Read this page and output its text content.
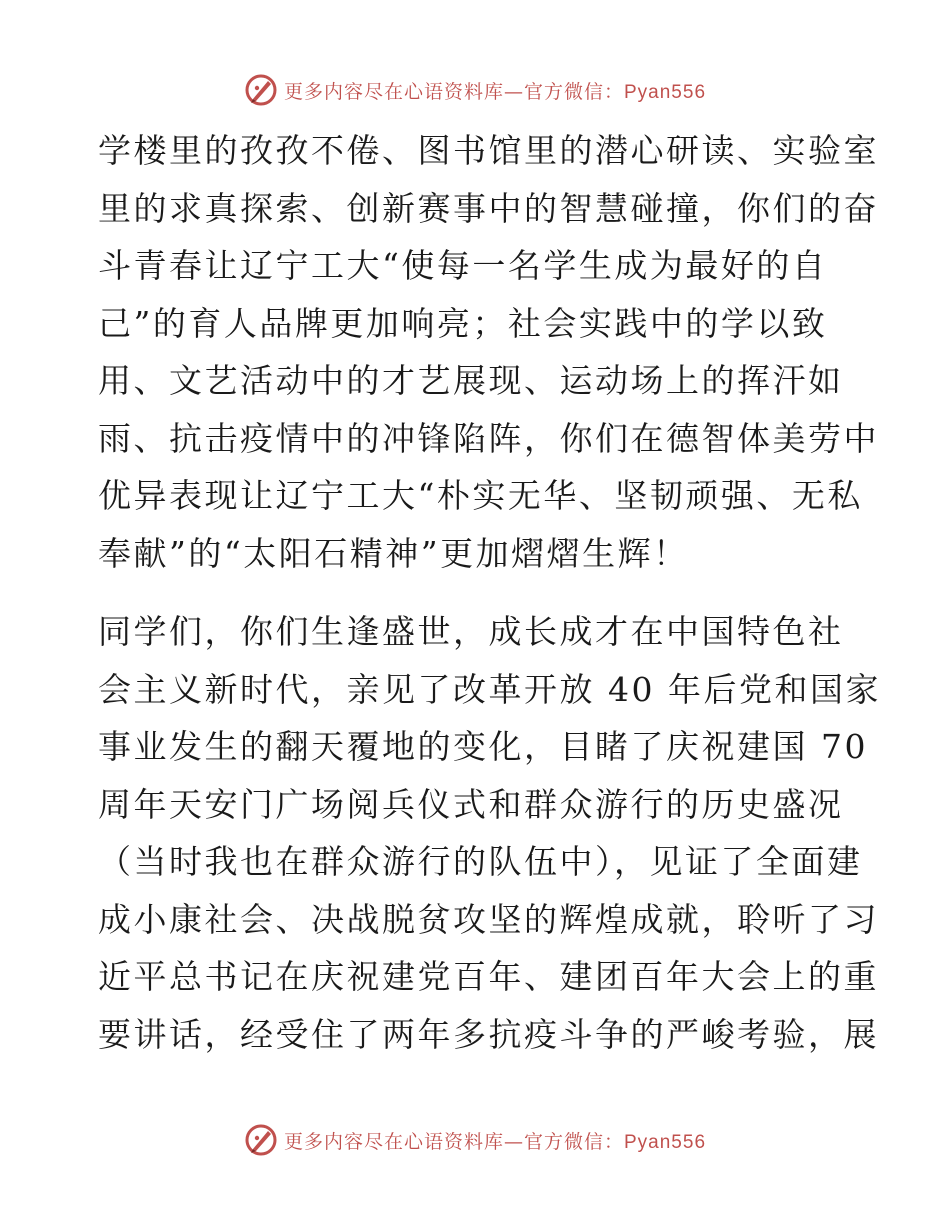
更多内容尽在心语资料库—官方微信：Pyan556

学楼里的孜孜不倦、图书馆里的潜心研读、实验室
里的求真探索、创新赛事中的智慧碰撞，你们的奋
斗青春让辽宁工大“使每一名学生成为最好的自
己”的育人品牌更加响亮；社会实践中的学以致
用、文艺活动中的才艺展现、运动场上的挥汗如
雨、抗击疫情中的冲锋陷阵，你们在德智体美劳中
优异表现让辽宁工大“朴实无华、坚韧顽强、无私
奉献”的“太阳石精神”更加熠熠生辉！

同学们，你们生逢盛世，成长成才在中国特色社
会主义新时代，亲见了改革开放 40 年后党和国家
事业发生的翻天覆地的变化，目睹了庆祝建国 70
周年天安门广场阅兵仪式和群众游行的历史盛况
（当时我也在群众游行的队伍中），见证了全面建
成小康社会、决战脱贫攻坚的辉煌成就，聆听了习
近平总书记在庆祝建党百年、建团百年大会上的重
要讲话，经受住了两年多抗疫斗争的严峻考验，展

更多内容尽在心语资料库—官方微信：Pyan556
